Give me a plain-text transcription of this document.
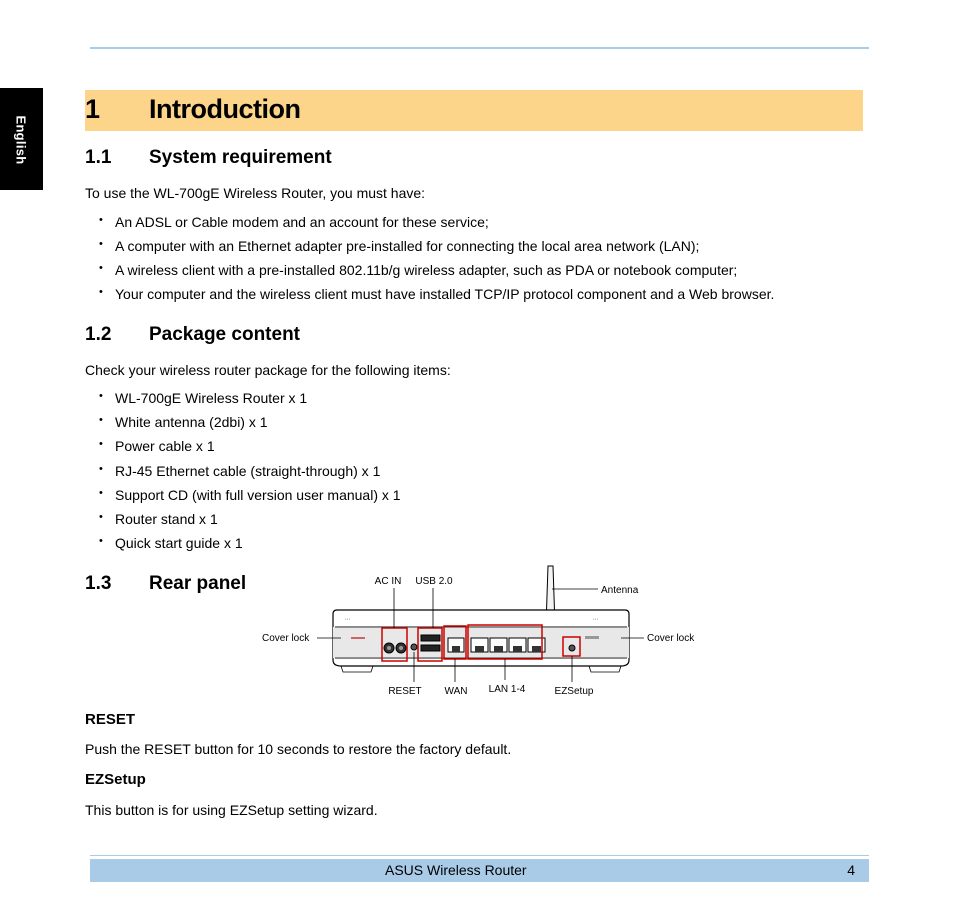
English
1 Introduction
1.1 System requirement
To use the WL-700gE Wireless Router, you must have:
• An ADSL or Cable modem and an account for these service;
• A computer with an Ethernet adapter pre-installed for connecting the local area network (LAN);
• A wireless client with a pre-installed 802.11b/g wireless adapter, such as PDA or notebook computer;
• Your computer and the wireless client must have installed TCP/IP protocol component and a Web browser.
1.2 Package content
Check your wireless router package for the following items:
• WL-700gE Wireless Router x 1
• White antenna (2dbi) x 1
• Power cable x 1
• RJ-45 Ethernet cable (straight-through) x 1
• Support CD (with full version user manual) x 1
• Router stand x 1
• Quick start guide x 1
1.3 Rear panel
▪ ▪ ▪	▪ ▪ ▪
AC IN USB 2.0
Antenna
Cover lock	Cover lock
RESET WAN LAN 1-4	EZSetup
RESET
Push the RESET button for 10 seconds to restore the factory default.
EZSetup
This button is for using EZSetup setting wizard.
ASUS Wireless Router	4
